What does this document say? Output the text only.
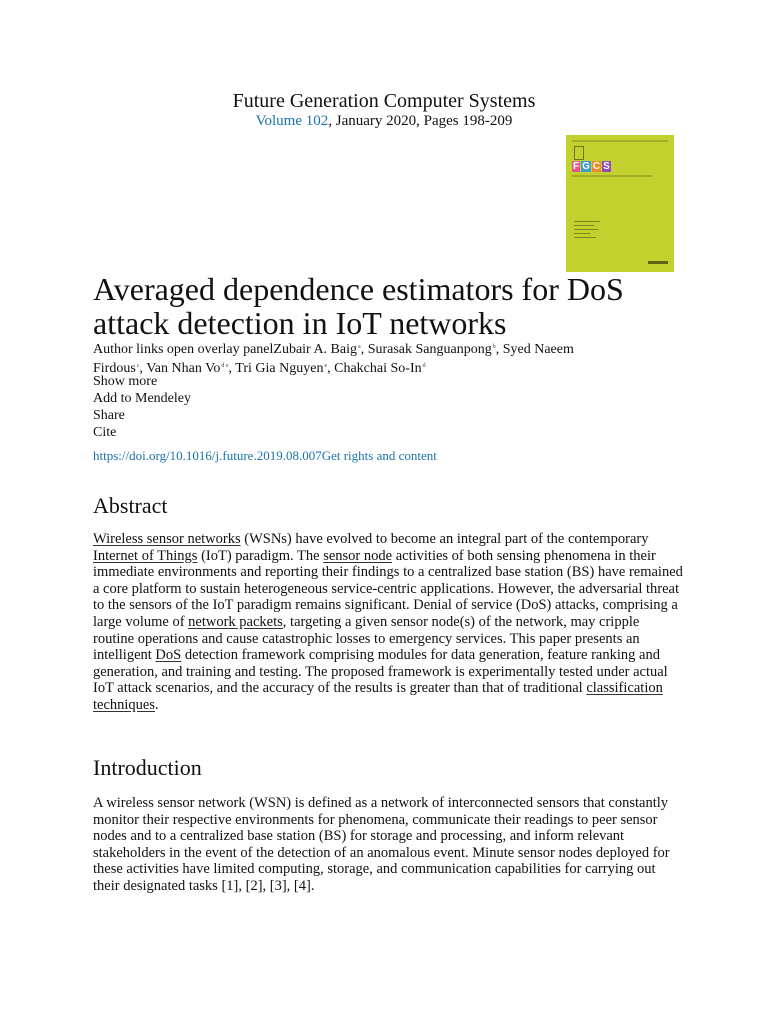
Future Generation Computer Systems
Volume 102, January 2020, Pages 198-209
F G C S
Averaged dependence estimators for DoS attack detection in IoT networks
Author links open overlay panelZubair A. Baig$^a$, Surasak Sanguanpong$^b$, Syed Naeem Firdous$^c$, Van Nhan $Vo^{d e}$, Tri Gia Nguyen$^e$, Chakchai So-In$^d$
Show more
Add to Mendeley
Share
Cite
https://doi.org/10.1016/j.future.2019.08.007Get rights and content
Abstract

Wireless sensor networks (WSNs) have evolved to become an integral part of the contemporary Internet of Things (IoT) paradigm. The sensor node activities of both sensing phenomena in their immediate environments and reporting their findings to a centralized base station (BS) have remained a core platform to sustain heterogeneous service-centric applications. However, the adversarial threat to the sensors of the IoT paradigm remains significant. Denial of service (DoS) attacks, comprising a large volume of network packets, targeting a given sensor node(s) of the network, may cripple routine operations and cause catastrophic losses to emergency services. This paper presents an intelligent DoS detection framework comprising modules for data generation, feature ranking and generation, and training and testing. The proposed framework is experimentally tested under actual IoT attack scenarios, and the accuracy of the results is greater than that of traditional classification techniques.

Introduction

A wireless sensor network (WSN) is defined as a network of interconnected sensors that constantly monitor their respective environments for phenomena, communicate their readings to peer sensor nodes and to a centralized base station (BS) for storage and processing, and inform relevant stakeholders in the event of the detection of an anomalous event. Minute sensor nodes deployed for these activities have limited computing, storage, and communication capabilities for carrying out their designated tasks [1], [2], [3], [4].
